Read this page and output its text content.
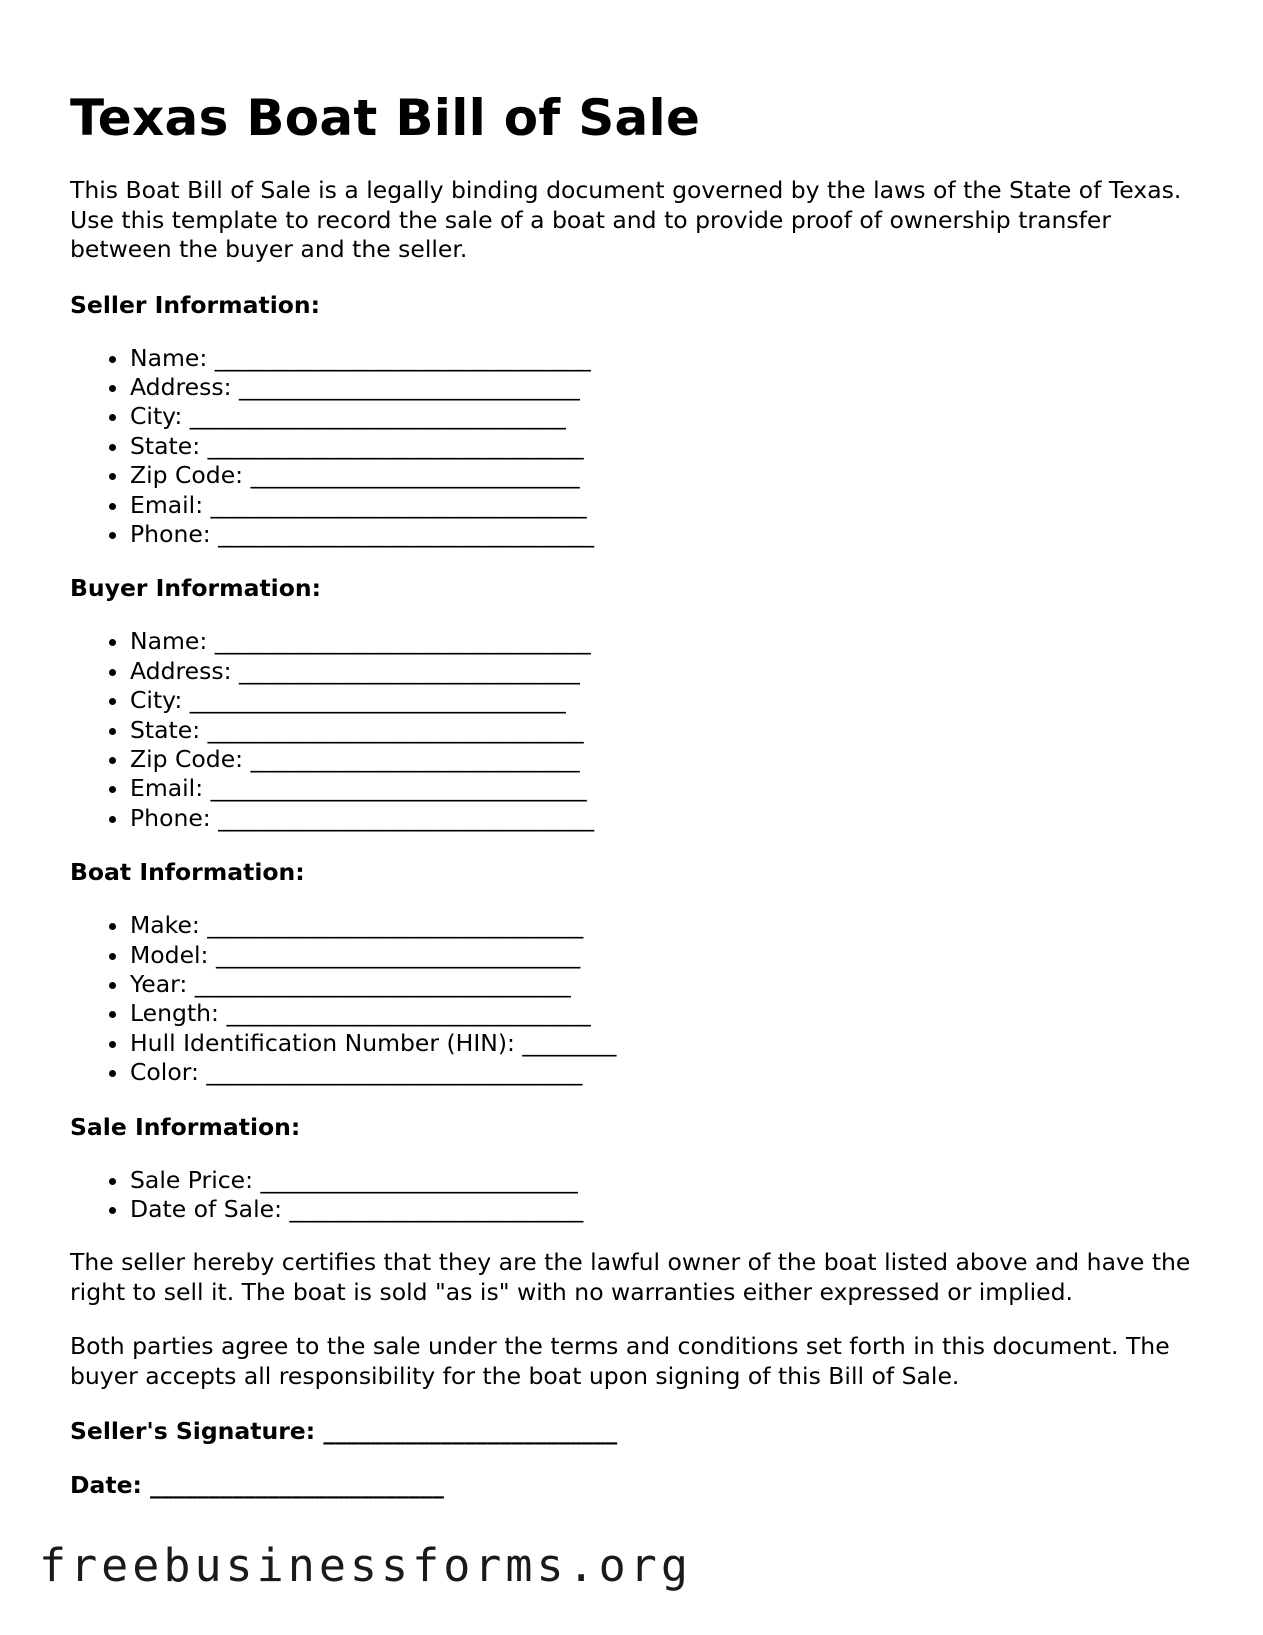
Texas Boat Bill of Sale

This Boat Bill of Sale is a legally binding document governed by the laws of the State of Texas. Use this template to record the sale of a boat and to provide proof of ownership transfer between the buyer and the seller.

Seller Information:
• Name: ________________________________
• Address: _____________________________
• City: ________________________________
• State: ________________________________
• Zip Code: ____________________________
• Email: ________________________________
• Phone: ________________________________
Buyer Information:
• Name: ________________________________
• Address: _____________________________
• City: ________________________________
• State: ________________________________
• Zip Code: ____________________________
• Email: ________________________________
• Phone: ________________________________
Boat Information:
• Make: ________________________________
• Model: _______________________________
• Year: ________________________________
• Length: _______________________________
• Hull Identification Number (HIN): ________
• Color: ________________________________
Sale Information:
• Sale Price: ___________________________
• Date of Sale: _________________________

The seller hereby certifies that they are the lawful owner of the boat listed above and have the right to sell it. The boat is sold "as is" with no warranties either expressed or implied.

Both parties agree to the sale under the terms and conditions set forth in this document. The buyer accepts all responsibility for the boat upon signing of this Bill of Sale.

Seller's Signature: _________________________
Date: _________________________
freebusinessforms.org
